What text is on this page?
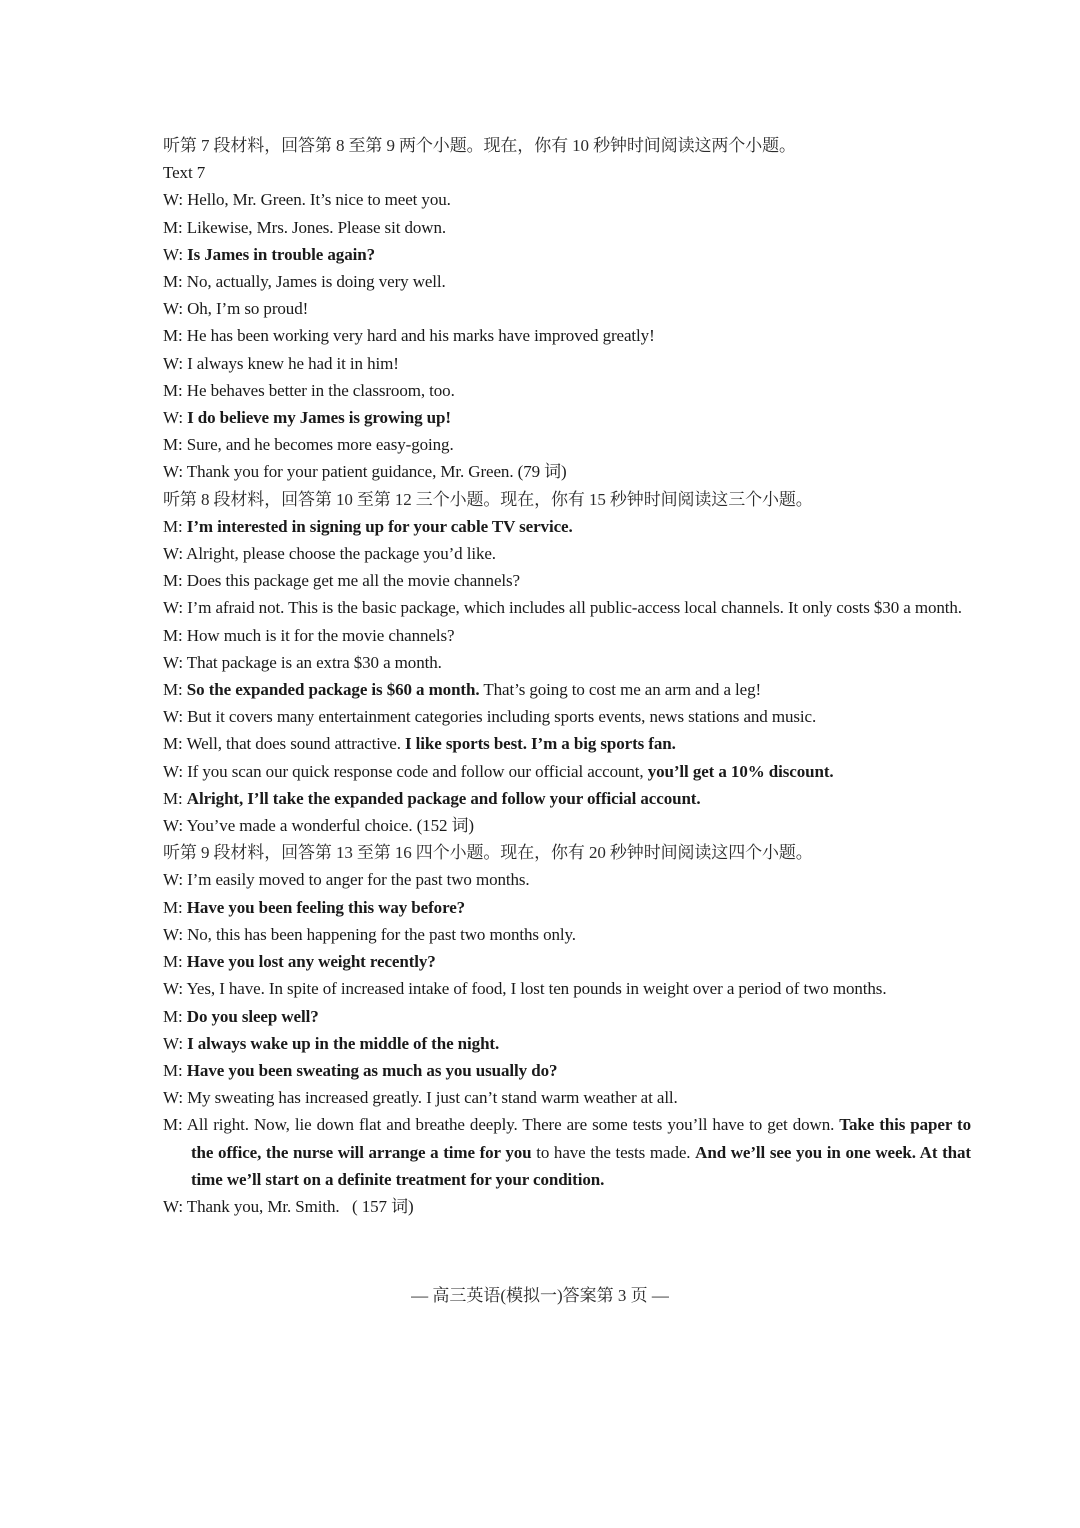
听第 7 段材料，回答第 8 至第 9 两个小题。现在，你有 10 秒钟时间阅读这两个小题。
Text 7
W: Hello, Mr. Green. It’s nice to meet you.
M: Likewise, Mrs. Jones. Please sit down.
W: Is James in trouble again?
M: No, actually, James is doing very well.
W: Oh, I’m so proud!
M: He has been working very hard and his marks have improved greatly!
W: I always knew he had it in him!
M: He behaves better in the classroom, too.
W: I do believe my James is growing up!
M: Sure, and he becomes more easy-going.
W: Thank you for your patient guidance, Mr. Green. (79 词)
听第 8 段材料，回答第 10 至第 12 三个小题。现在，你有 15 秒钟时间阅读这三个小题。
M: I’m interested in signing up for your cable TV service.
W: Alright, please choose the package you’d like.
M: Does this package get me all the movie channels?
W: I’m afraid not. This is the basic package, which includes all public-access local channels. It only costs $30 a month.
M: How much is it for the movie channels?
W: That package is an extra $30 a month.
M: So the expanded package is $60 a month. That’s going to cost me an arm and a leg!
W: But it covers many entertainment categories including sports events, news stations and music.
M: Well, that does sound attractive. I like sports best. I’m a big sports fan.
W: If you scan our quick response code and follow our official account, you’ll get a 10% discount.
M: Alright, I’ll take the expanded package and follow your official account.
W: You’ve made a wonderful choice. (152 词)
听第 9 段材料，回答第 13 至第 16 四个小题。现在，你有 20 秒钟时间阅读这四个小题。
W: I’m easily moved to anger for the past two months.
M: Have you been feeling this way before?
W: No, this has been happening for the past two months only.
M: Have you lost any weight recently?
W: Yes, I have. In spite of increased intake of food, I lost ten pounds in weight over a period of two months.
M: Do you sleep well?
W: I always wake up in the middle of the night.
M: Have you been sweating as much as you usually do?
W: My sweating has increased greatly. I just can’t stand warm weather at all.
M: All right. Now, lie down flat and breathe deeply. There are some tests you’ll have to get down. Take this paper to the office, the nurse will arrange a time for you to have the tests made. And we’ll see you in one week. At that time we’ll start on a definite treatment for your condition.
W: Thank you, Mr. Smith.   ( 157 词)
— 高三英语(模拟一)答案第 3 页 —
